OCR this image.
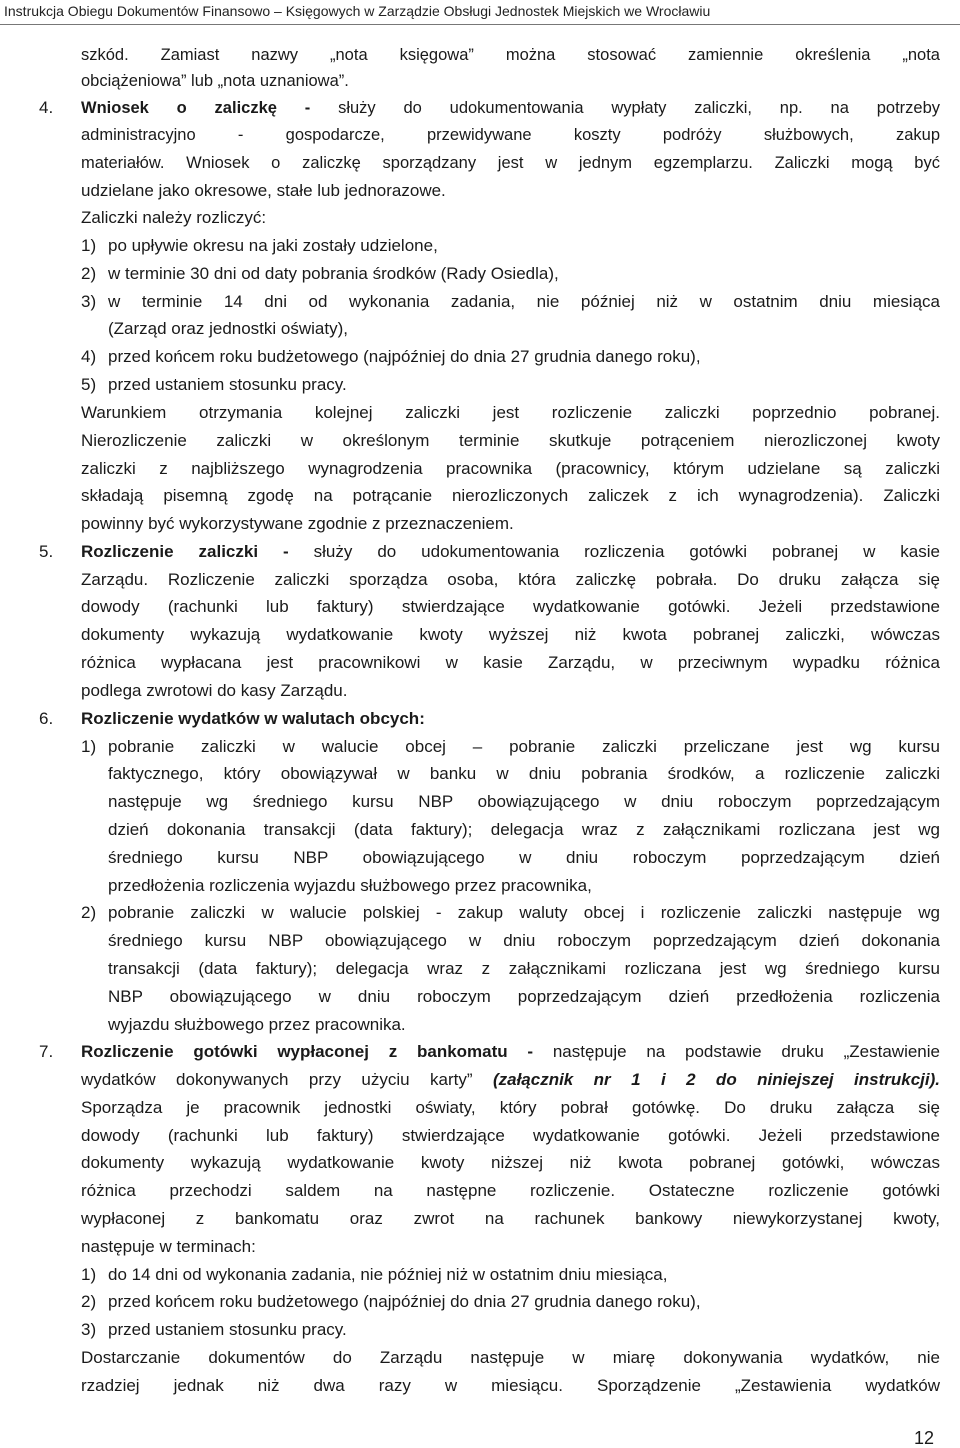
Instrukcja Obiegu Dokumentów Finansowo – Księgowych w Zarządzie Obsługi Jednostek Miejskich we Wrocławiu
szkód. Zamiast nazwy „nota księgowa” można stosować zamiennie określenia „nota
obciążeniowa” lub „nota uznaniowa”.
4. Wniosek o zaliczkę - służy do udokumentowania wypłaty zaliczki, np. na potrzeby
administracyjno - gospodarcze, przewidywane koszty podróży służbowych, zakup
materiałów. Wniosek o zaliczkę sporządzany jest w jednym egzemplarzu. Zaliczki mogą być
udzielane jako okresowe, stałe lub jednorazowe.
Zaliczki należy rozliczyć:
1) po upływie okresu na jaki zostały udzielone,
2) w terminie 30 dni od daty pobrania środków (Rady Osiedla),
3) w terminie 14 dni od wykonania zadania, nie później niż w ostatnim dniu miesiąca
(Zarząd oraz jednostki oświaty),
4) przed końcem roku budżetowego (najpóźniej do dnia 27 grudnia danego roku),
5) przed ustaniem stosunku pracy.
Warunkiem otrzymania kolejnej zaliczki jest rozliczenie zaliczki poprzednio pobranej.
Nierozliczenie zaliczki w określonym terminie skutkuje potrąceniem nierozliczonej kwoty
zaliczki z najbliższego wynagrodzenia pracownika (pracownicy, którym udzielane są zaliczki
składają pisemną zgodę na potrącanie nierozliczonych zaliczek z ich wynagrodzenia). Zaliczki
powinny być wykorzystywane zgodnie z przeznaczeniem.
5. Rozliczenie zaliczki - służy do udokumentowania rozliczenia gotówki pobranej w kasie
Zarządu. Rozliczenie zaliczki sporządza osoba, która zaliczkę pobrała. Do druku załącza się
dowody (rachunki lub faktury) stwierdzające wydatkowanie gotówki. Jeżeli przedstawione
dokumenty wykazują wydatkowanie kwoty wyższej niż kwota pobranej zaliczki, wówczas
różnica wypłacana jest pracownikowi w kasie Zarządu, w przeciwnym wypadku różnica
podlega zwrotowi do kasy Zarządu.
6. Rozliczenie wydatków w walutach obcych:
1) pobranie zaliczki w walucie obcej – pobranie zaliczki przeliczane jest wg kursu
faktycznego, który obowiązywał w banku w dniu pobrania środków, a rozliczenie zaliczki
następuje wg średniego kursu NBP obowiązującego w dniu roboczym poprzedzającym
dzień dokonania transakcji (data faktury); delegacja wraz z załącznikami rozliczana jest wg
średniego kursu NBP obowiązującego w dniu roboczym poprzedzającym dzień
przedłożenia rozliczenia wyjazdu służbowego przez pracownika,
2) pobranie zaliczki w walucie polskiej - zakup waluty obcej i rozliczenie zaliczki następuje wg
średniego kursu NBP obowiązującego w dniu roboczym poprzedzającym dzień dokonania
transakcji (data faktury); delegacja wraz z załącznikami rozliczana jest wg średniego kursu
NBP obowiązującego w dniu roboczym poprzedzającym dzień przedłożenia rozliczenia
wyjazdu służbowego przez pracownika.
7. Rozliczenie gotówki wypłaconej z bankomatu - następuje na podstawie druku „Zestawienie
wydatków dokonywanych przy użyciu karty” (załącznik nr 1 i 2 do niniejszej instrukcji).
Sporządza je pracownik jednostki oświaty, który pobrał gotówkę. Do druku załącza się
dowody (rachunki lub faktury) stwierdzające wydatkowanie gotówki. Jeżeli przedstawione
dokumenty wykazują wydatkowanie kwoty niższej niż kwota pobranej gotówki, wówczas
różnica przechodzi saldem na następne rozliczenie. Ostateczne rozliczenie gotówki
wypłaconej z bankomatu oraz zwrot na rachunek bankowy niewykorzystanej kwoty,
następuje w terminach:
1) do 14 dni od wykonania zadania, nie później niż w ostatnim dniu miesiąca,
2) przed końcem roku budżetowego (najpóźniej do dnia 27 grudnia danego roku),
3) przed ustaniem stosunku pracy.
Dostarczanie dokumentów do Zarządu następuje w miarę dokonywania wydatków, nie
rzadziej jednak niż dwa razy w miesiącu. Sporządzenie „Zestawienia wydatków
12
